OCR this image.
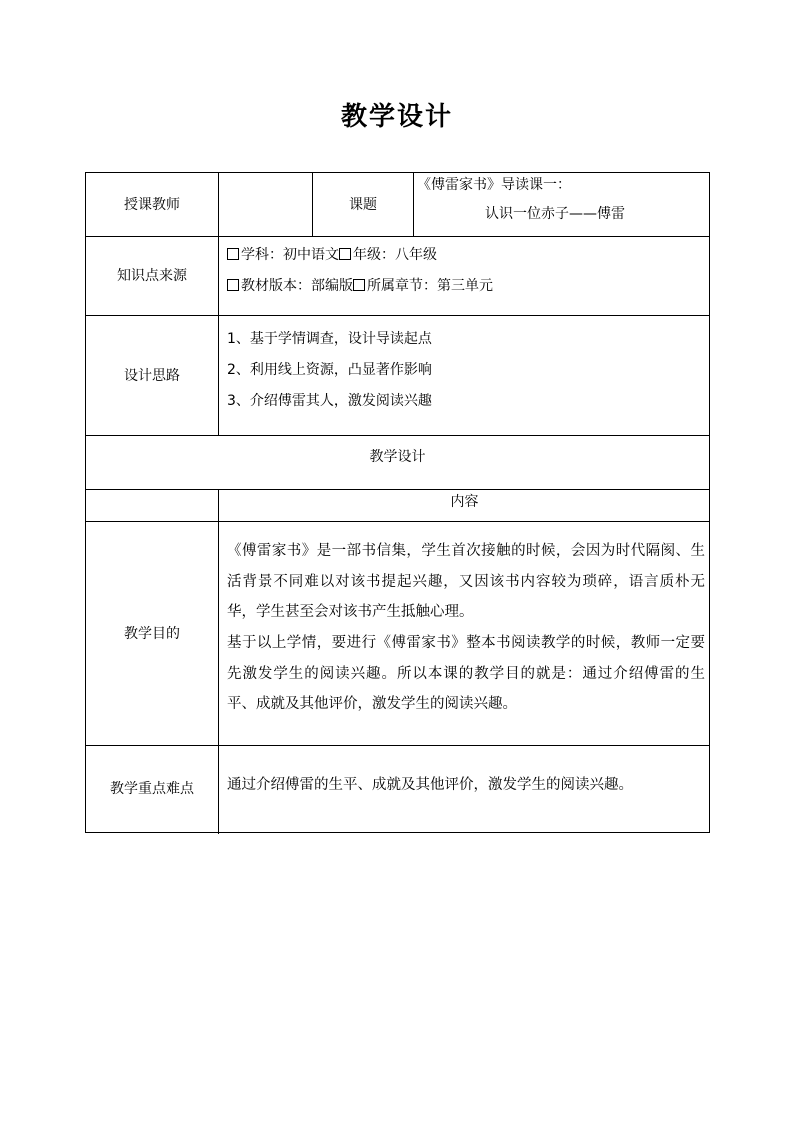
教学设计
授课教师	课题
《傅雷家书》导读课一：
认识一位赤子——傅雷
知识点来源
学科：初中语文 年级：八年级
教材版本：部编版 所属章节：第三单元
设计思路
1、基于学情调查，设计导读起点
2、利用线上资源，凸显著作影响
3、介绍傅雷其人，激发阅读兴趣
教学设计
内容
教学目的
《傅雷家书》是一部书信集，学生首次接触的时候，会因为时代隔阂、生活背景不同难以对该书提起兴趣，又因该书内容较为琐碎，语言质朴无华，学生甚至会对该书产生抵触心理。
基于以上学情，要进行《傅雷家书》整本书阅读教学的时候，教师一定要先激发学生的阅读兴趣。所以本课的教学目的就是：通过介绍傅雷的生平、成就及其他评价，激发学生的阅读兴趣。
教学重点难点	通过介绍傅雷的生平、成就及其他评价，激发学生的阅读兴趣。
